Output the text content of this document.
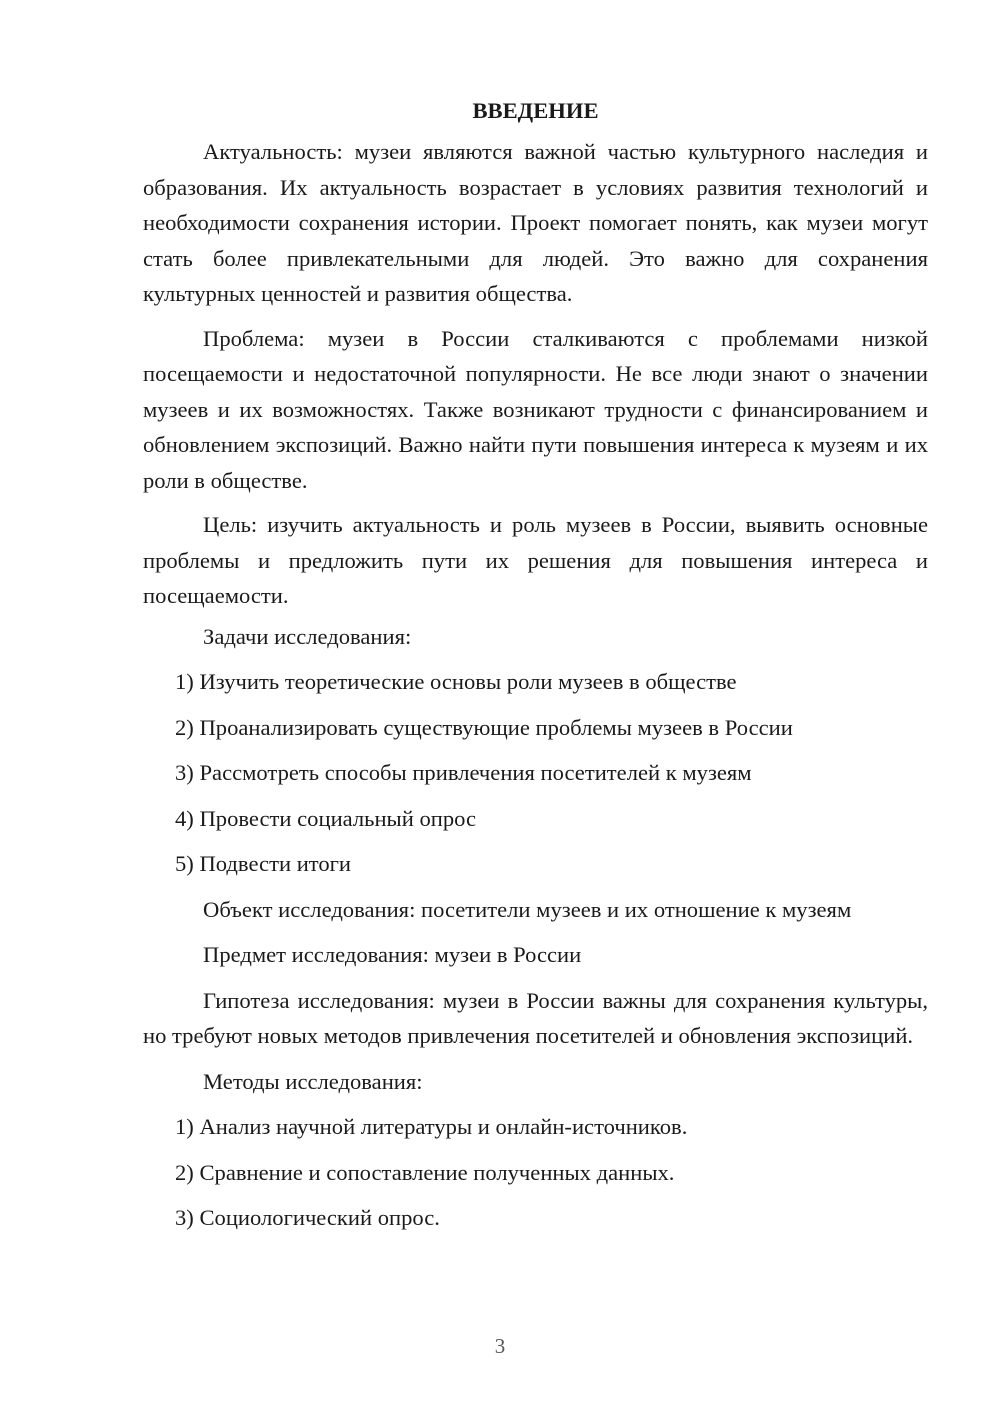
ВВЕДЕНИЕ

Актуальность: музеи являются важной частью культурного наследия и образования. Их актуальность возрастает в условиях развития технологий и необходимости сохранения истории. Проект помогает понять, как музеи могут стать более привлекательными для людей. Это важно для сохранения культурных ценностей и развития общества.

Проблема: музеи в России сталкиваются с проблемами низкой посещаемости и недостаточной популярности. Не все люди знают о значении музеев и их возможностях. Также возникают трудности с финансированием и обновлением экспозиций. Важно найти пути повышения интереса к музеям и их роли в обществе.

Цель: изучить актуальность и роль музеев в России, выявить основные проблемы и предложить пути их решения для повышения интереса и посещаемости.

Задачи исследования:
1) Изучить теоретические основы роли музеев в обществе
2) Проанализировать существующие проблемы музеев в России
3) Рассмотреть способы привлечения посетителей к музеям
4) Провести социальный опрос
5) Подвести итоги
Объект исследования: посетители музеев и их отношение к музеям
Предмет исследования: музеи в России

Гипотеза исследования: музеи в России важны для сохранения культуры, но требуют новых методов привлечения посетителей и обновления экспозиций.

Методы исследования:
1) Анализ научной литературы и онлайн-источников.
2) Сравнение и сопоставление полученных данных.
3) Социологический опрос.
3
